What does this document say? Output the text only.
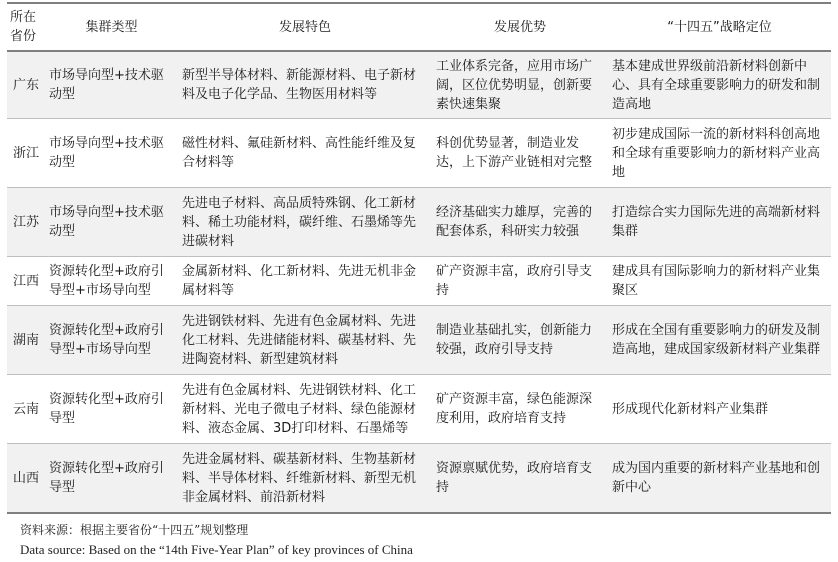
所在省份	集群类型	发展特色	发展优势	“十四五”战略定位
广东	市场导向型+技术驱动型	新型半导体材料、新能源材料、电子新材料及电子化学品、生物医用材料等	工业体系完备，应用市场广阔，区位优势明显，创新要素快速集聚	基本建成世界级前沿新材料创新中心、具有全球重要影响力的研发和制造高地
浙江	市场导向型+技术驱动型	磁性材料、氟硅新材料、高性能纤维及复合材料等	科创优势显著，制造业发达，上下游产业链相对完整	初步建成国际一流的新材料科创高地和全球有重要影响力的新材料产业高地
江苏	市场导向型+技术驱动型	先进电子材料、高品质特殊钢、化工新材料、稀土功能材料，碳纤维、石墨烯等先进碳材料	经济基础实力雄厚，完善的配套体系，科研实力较强	打造综合实力国际先进的高端新材料集群
江西	资源转化型+政府引导型+市场导向型	金属新材料、化工新材料、先进无机非金属材料等	矿产资源丰富，政府引导支持	建成具有国际影响力的新材料产业集聚区
湖南	资源转化型+政府引导型+市场导向型	先进钢铁材料、先进有色金属材料、先进化工材料、先进储能材料、碳基材料、先进陶瓷材料、新型建筑材料	制造业基础扎实，创新能力较强，政府引导支持	形成在全国有重要影响力的研发及制造高地，建成国家级新材料产业集群
云南	资源转化型+政府引导型	先进有色金属材料、先进钢铁材料、化工新材料、光电子微电子材料、绿色能源材料、液态金属、3D打印材料、石墨烯等	矿产资源丰富，绿色能源深度利用，政府培育支持	形成现代化新材料产业集群
山西	资源转化型+政府引导型	先进金属材料、碳基新材料、生物基新材料、半导体材料、纤维新材料、新型无机非金属材料、前沿新材料	资源禀赋优势，政府培育支持	成为国内重要的新材料产业基地和创新中心
资料来源：根据主要省份“十四五”规划整理
Data source: Based on the “14th Five-Year Plan” of key provinces of China
